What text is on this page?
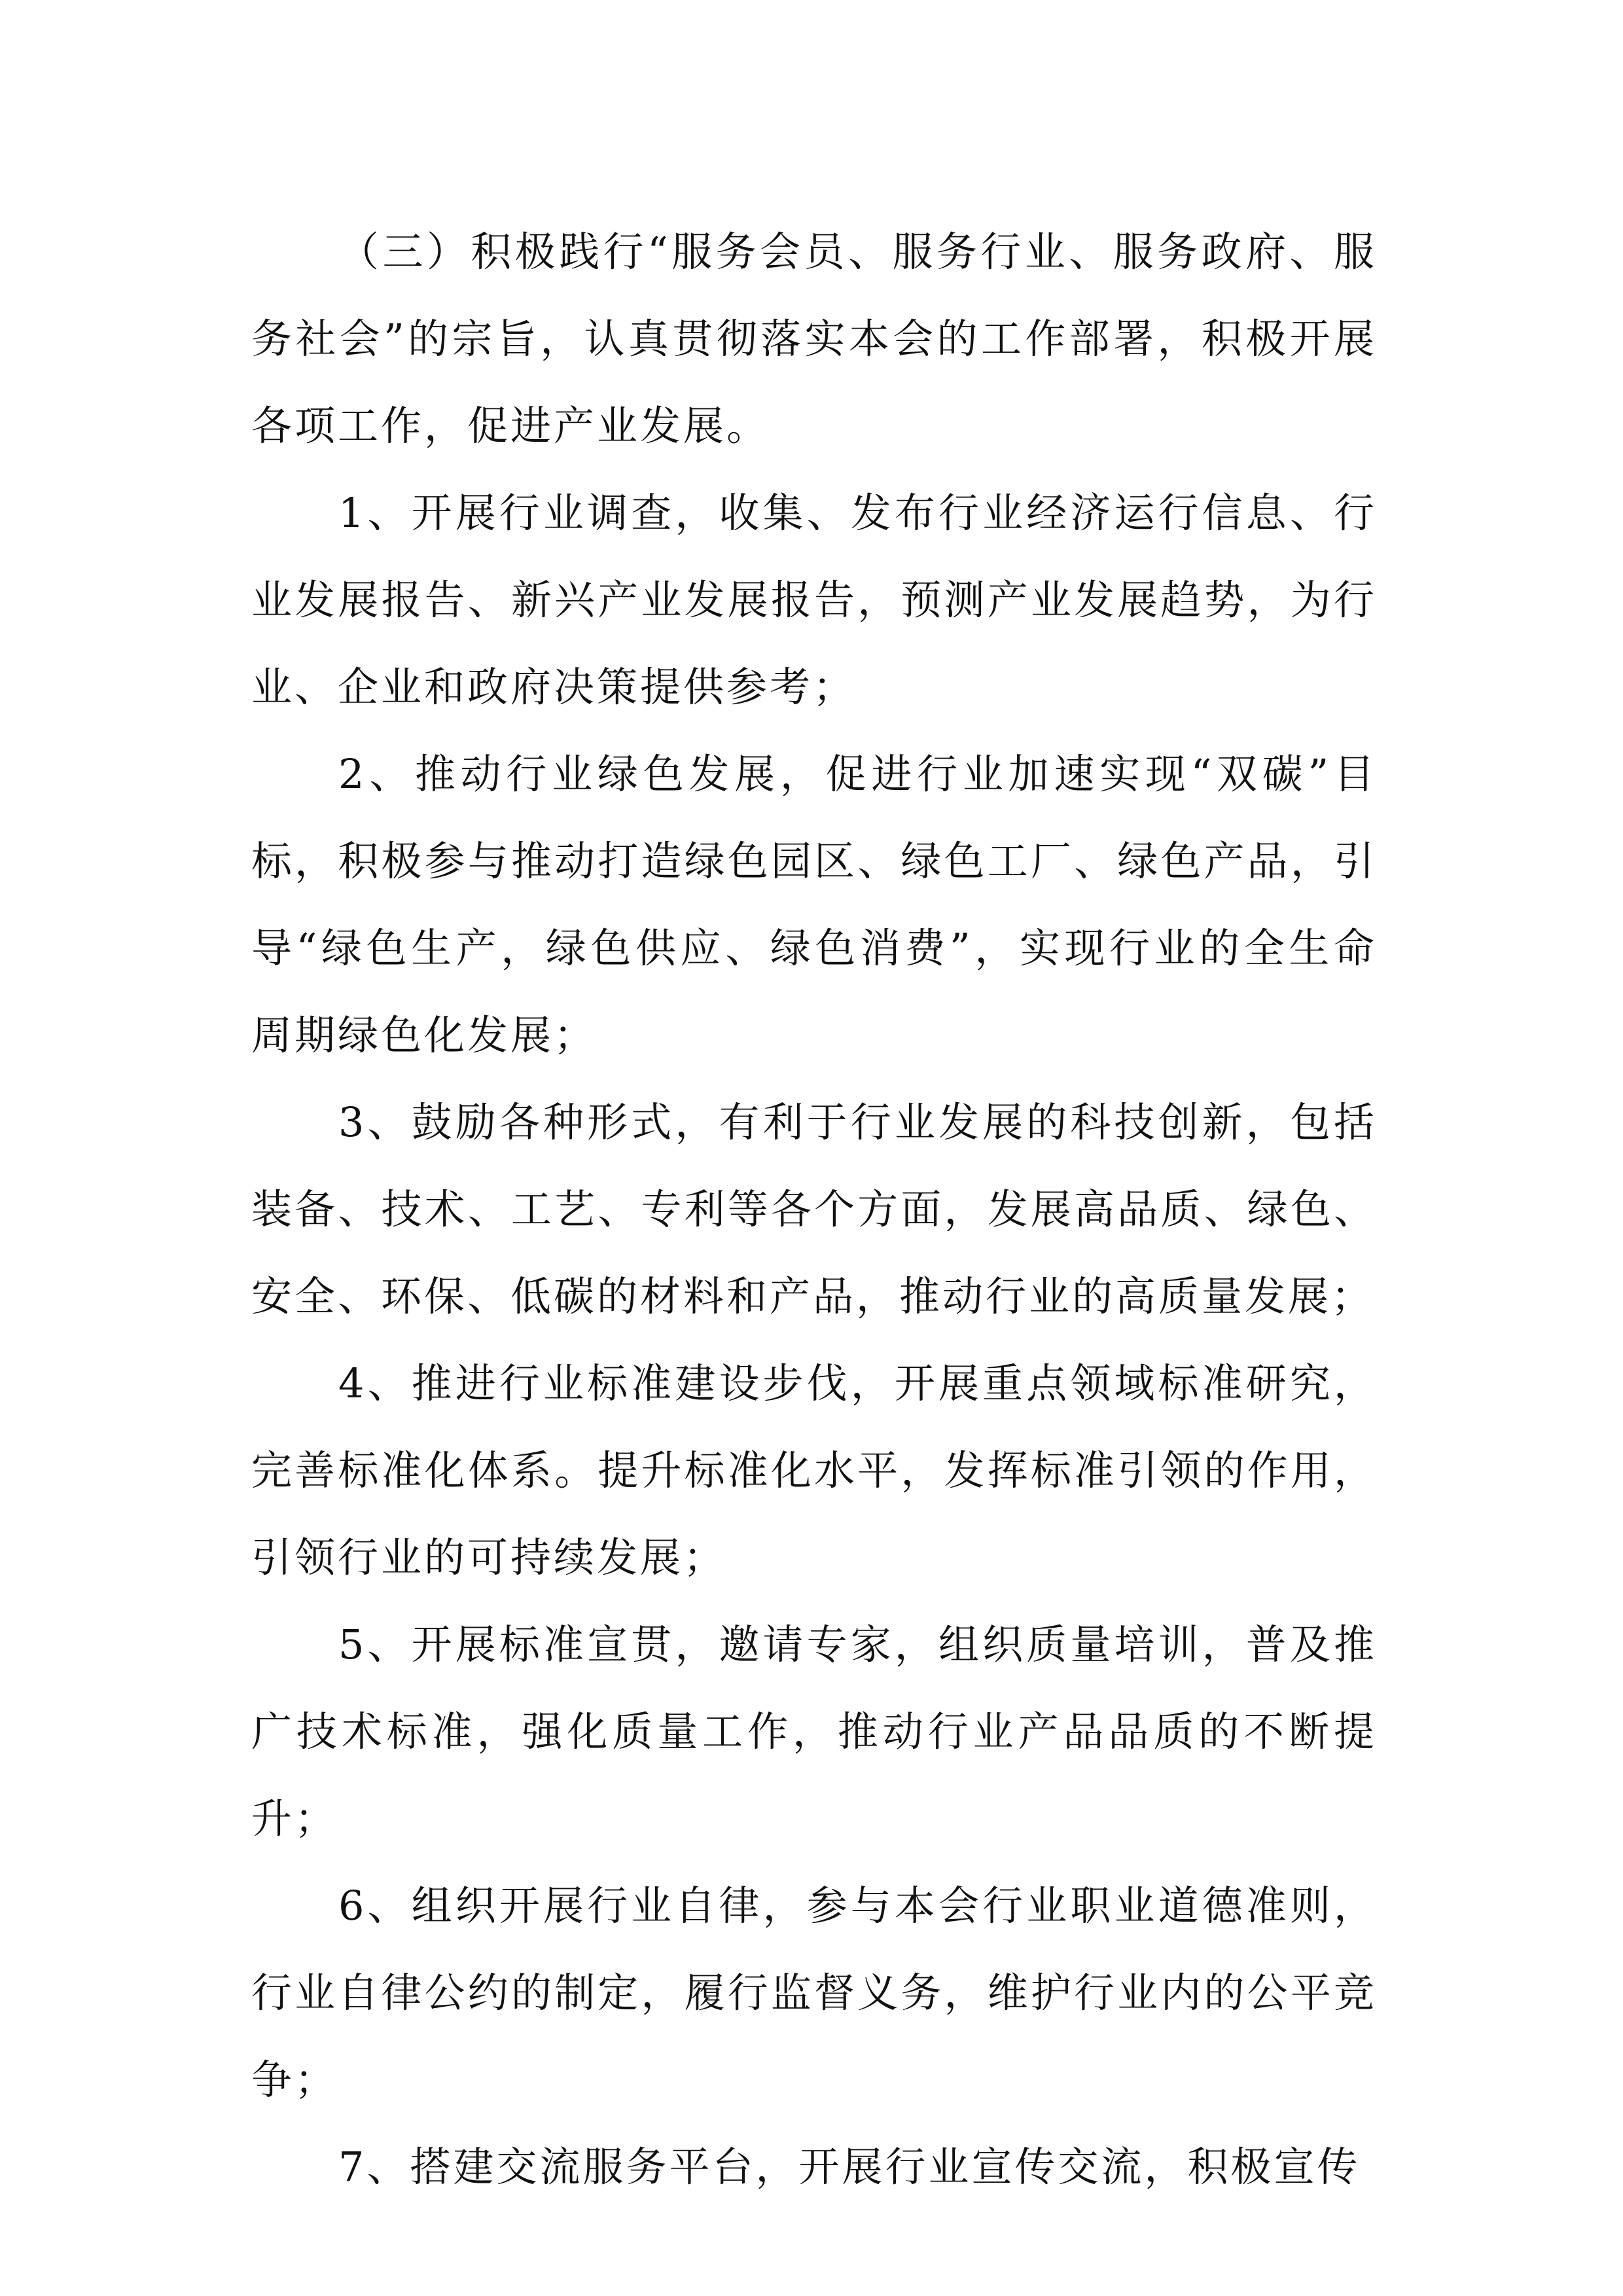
（三）积极践行“服务会员、服务行业、服务政府、服务社会”的宗旨，认真贯彻落实本会的工作部署，积极开展各项工作，促进产业发展。

1、开展行业调查，收集、发布行业经济运行信息、行业发展报告、新兴产业发展报告，预测产业发展趋势，为行业、企业和政府决策提供参考；

2、推动行业绿色发展，促进行业加速实现“双碳”目标，积极参与推动打造绿色园区、绿色工厂、绿色产品，引导“绿色生产，绿色供应、绿色消费”，实现行业的全生命周期绿色化发展；

3、鼓励各种形式，有利于行业发展的科技创新，包括装备、技术、工艺、专利等各个方面，发展高品质、绿色、安全、环保、低碳的材料和产品，推动行业的高质量发展；

4、推进行业标准建设步伐，开展重点领域标准研究，完善标准化体系。提升标准化水平，发挥标准引领的作用，引领行业的可持续发展；

5、开展标准宣贯，邀请专家，组织质量培训，普及推广技术标准，强化质量工作，推动行业产品品质的不断提升；

6、组织开展行业自律，参与本会行业职业道德准则，行业自律公约的制定，履行监督义务，维护行业内的公平竞争；

7、搭建交流服务平台，开展行业宣传交流，积极宣传
